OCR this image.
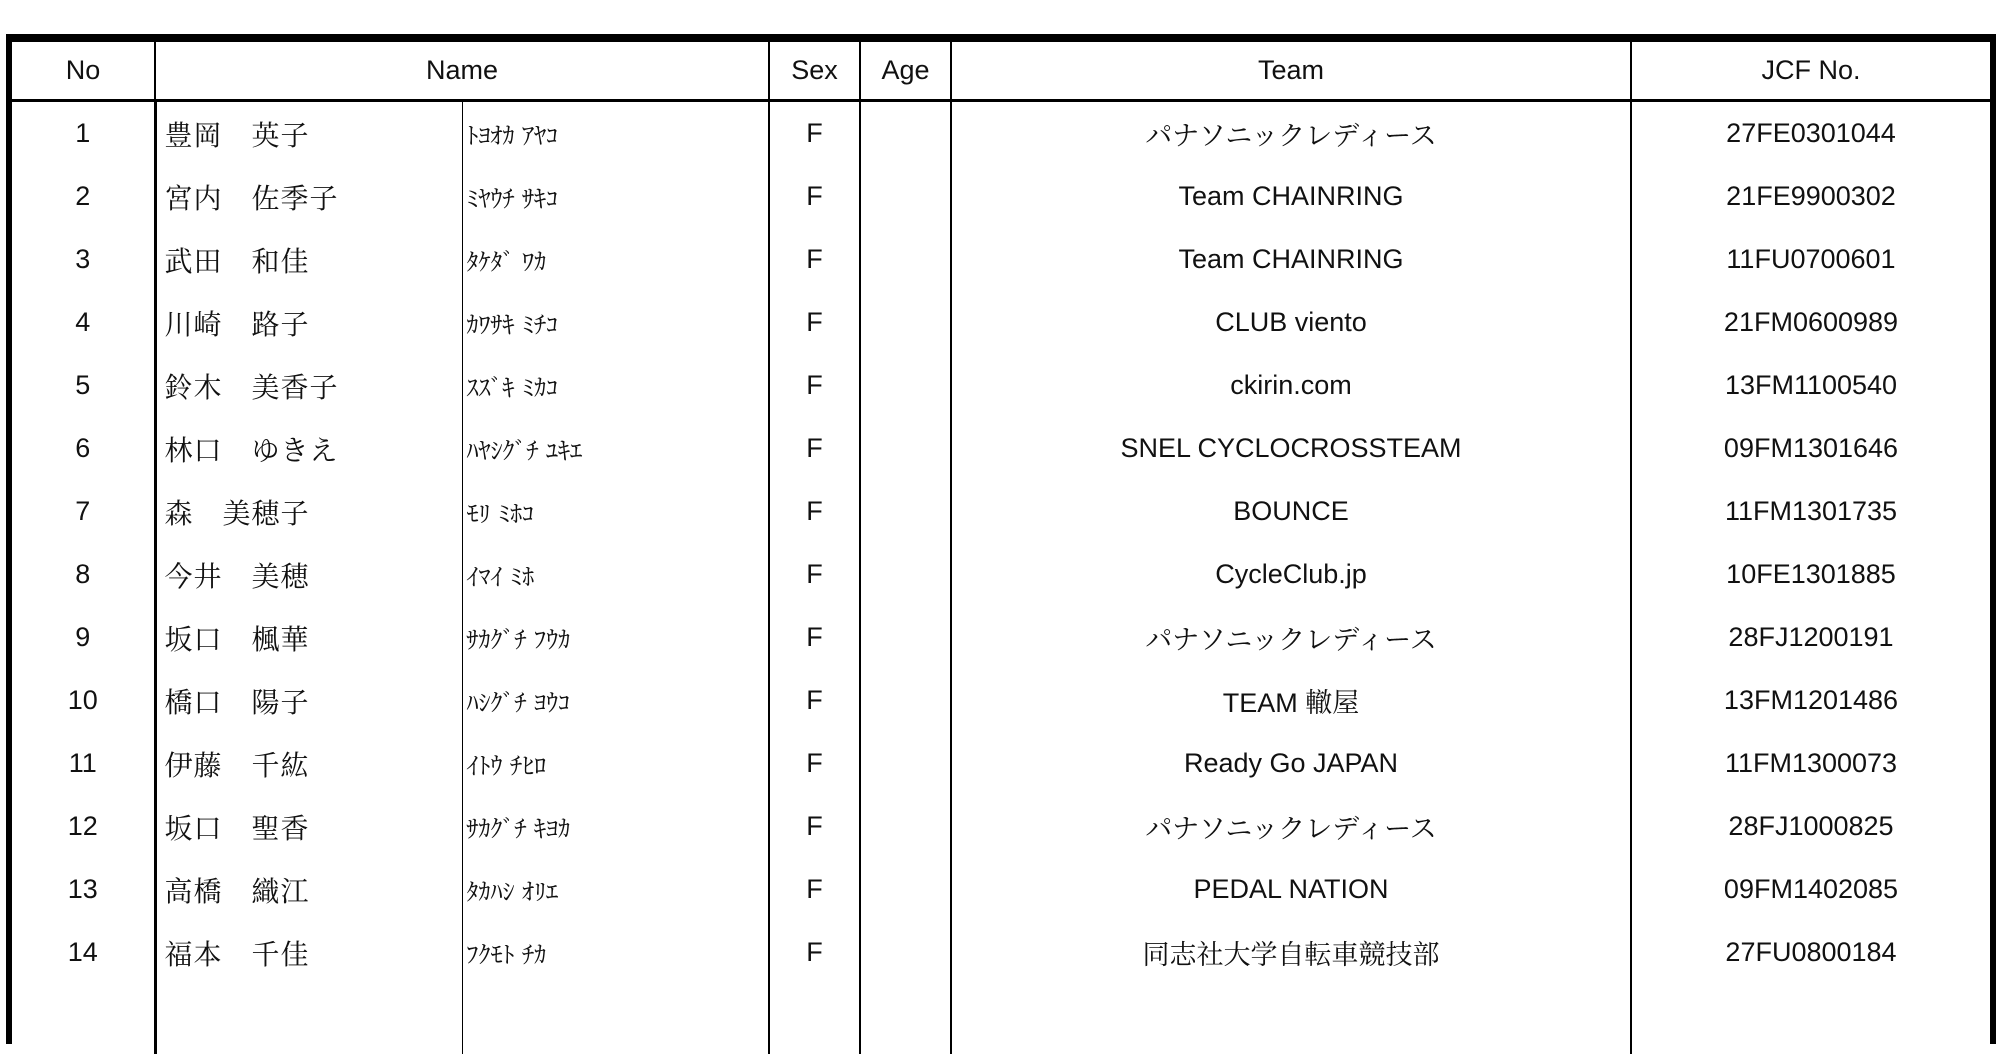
No	Name		Sex	Age	Team	JCF No.
1	豊岡　英子	ﾄﾖｵｶ ｱﾔｺ	F		パナソニックレディース	27FE0301044
2	宮内　佐季子	ﾐﾔｳﾁ ｻｷｺ	F		Team CHAINRING	21FE9900302
3	武田　和佳	ﾀｹﾀﾞ ﾜｶ	F		Team CHAINRING	11FU0700601
4	川崎　路子	ｶﾜｻｷ ﾐﾁｺ	F		CLUB viento	21FM0600989
5	鈴木　美香子	ｽｽﾞｷ ﾐｶｺ	F		ckirin.com	13FM1100540
6	林口　ゆきえ	ﾊﾔｼｸﾞﾁ ﾕｷｴ	F		SNEL CYCLOCROSSTEAM	09FM1301646
7	森　美穂子	ﾓﾘ ﾐﾎｺ	F		BOUNCE	11FM1301735
8	今井　美穂	ｲﾏｲ ﾐﾎ	F		CycleClub.jp	10FE1301885
9	坂口　楓華	ｻｶｸﾞﾁ ﾌｳｶ	F		パナソニックレディース	28FJ1200191
10	橋口　陽子	ﾊｼｸﾞﾁ ﾖｳｺ	F		TEAM 轍屋	13FM1201486
11	伊藤　千紘	ｲﾄｳ ﾁﾋﾛ	F		Ready Go JAPAN	11FM1300073
12	坂口　聖香	ｻｶｸﾞﾁ ｷﾖｶ	F		パナソニックレディース	28FJ1000825
13	高橋　織江	ﾀｶﾊｼ ｵﾘｴ	F		PEDAL NATION	09FM1402085
14	福本　千佳	ﾌｸﾓﾄ ﾁｶ	F		同志社大学自転車競技部	27FU0800184
